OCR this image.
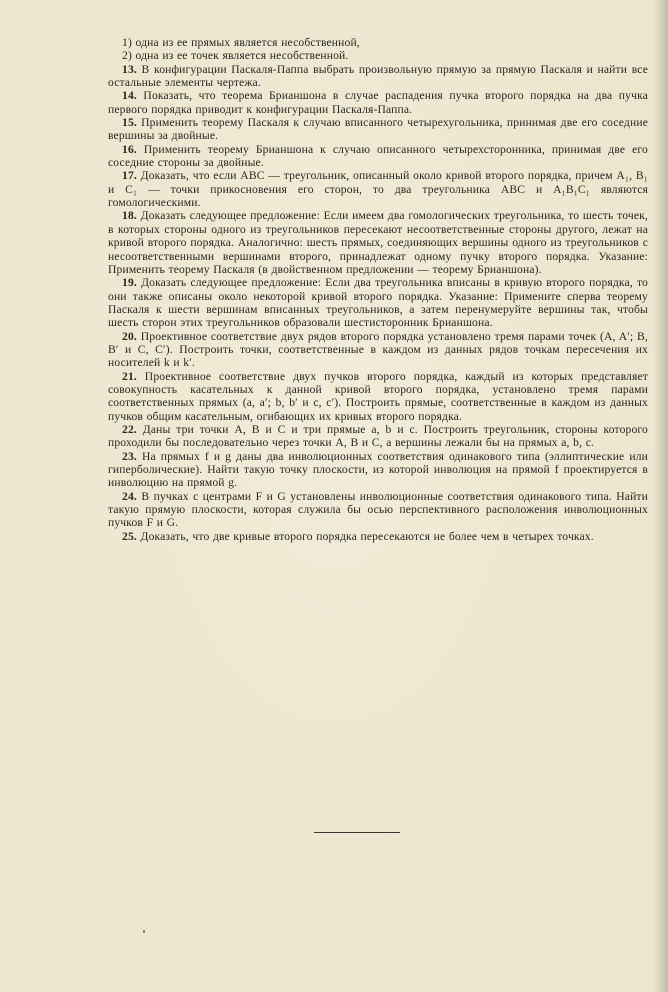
1) одна из ее прямых является несобственной,

2) одна из ее точек является несобственной.

13. В конфигурации Паскаля-Паппа выбрать произвольную прямую за прямую Паскаля и найти все остальные элементы чертежа.

14. Показать, что теорема Брианшона в случае распадения пучка второго порядка на два пучка первого порядка приводит к конфигурации Паскаля-Паппа.

15. Применить теорему Паскаля к случаю вписанного четырехугольника, принимая две его соседние вершины за двойные.

16. Применить теорему Брианшона к случаю описанного четырехсторонника, принимая две его соседние стороны за двойные.

17. Доказать, что если ABC — треугольник, описанный около кривой второго порядка, причем A₁, B₁ и C₁ — точки прикосновения его сторон, то два треугольника ABC и A₁B₁C₁ являются гомологическими.

18. Доказать следующее предложение: Если имеем два гомологических треугольника, то шесть точек, в которых стороны одного из треугольников пересекают несоответственные стороны другого, лежат на кривой второго порядка. Аналогично: шесть прямых, соединяющих вершины одного из треугольников с несоответственными вершинами второго, принадлежат одному пучку второго порядка. Указание: Применить теорему Паскаля (в двойственном предложении — теорему Брианшона).

19. Доказать следующее предложение: Если два треугольника вписаны в кривую второго порядка, то они также описаны около некоторой кривой второго порядка. Указание: Примените сперва теорему Паскаля к шести вершинам вписанных треугольников, а затем перенумеруйте вершины так, чтобы шесть сторон этих треугольников образовали шестисторонник Брианшона.

20. Проективное соответствие двух рядов второго порядка установлено тремя парами точек (A, A′; B, B′ и C, C′). Построить точки, соответственные в каждом из данных рядов точкам пересечения их носителей k и k′.

21. Проективное соответствие двух пучков второго порядка, каждый из которых представляет совокупность касательных к данной кривой второго порядка, установлено тремя парами соответственных прямых (a, a′; b, b′ и c, c′). Построить прямые, соответственные в каждом из данных пучков общим касательным, огибающих их кривых второго порядка.

22. Даны три точки A, B и C и три прямые a, b и c. Построить треугольник, стороны которого проходили бы последовательно через точки A, B и C, а вершины лежали бы на прямых a, b, c.

23. На прямых f и g даны два инволюционных соответствия одинакового типа (эллиптические или гиперболические). Найти такую точку плоскости, из которой инволюция на прямой f проектируется в инволюцию на прямой g.

24. В пучках с центрами F и G установлены инволюционные соответствия одинакового типа. Найти такую прямую плоскости, которая служила бы осью перспективного расположения инволюционных пучков F и G.

25. Доказать, что две кривые второго порядка пересекаются не более чем в четырех точках.
